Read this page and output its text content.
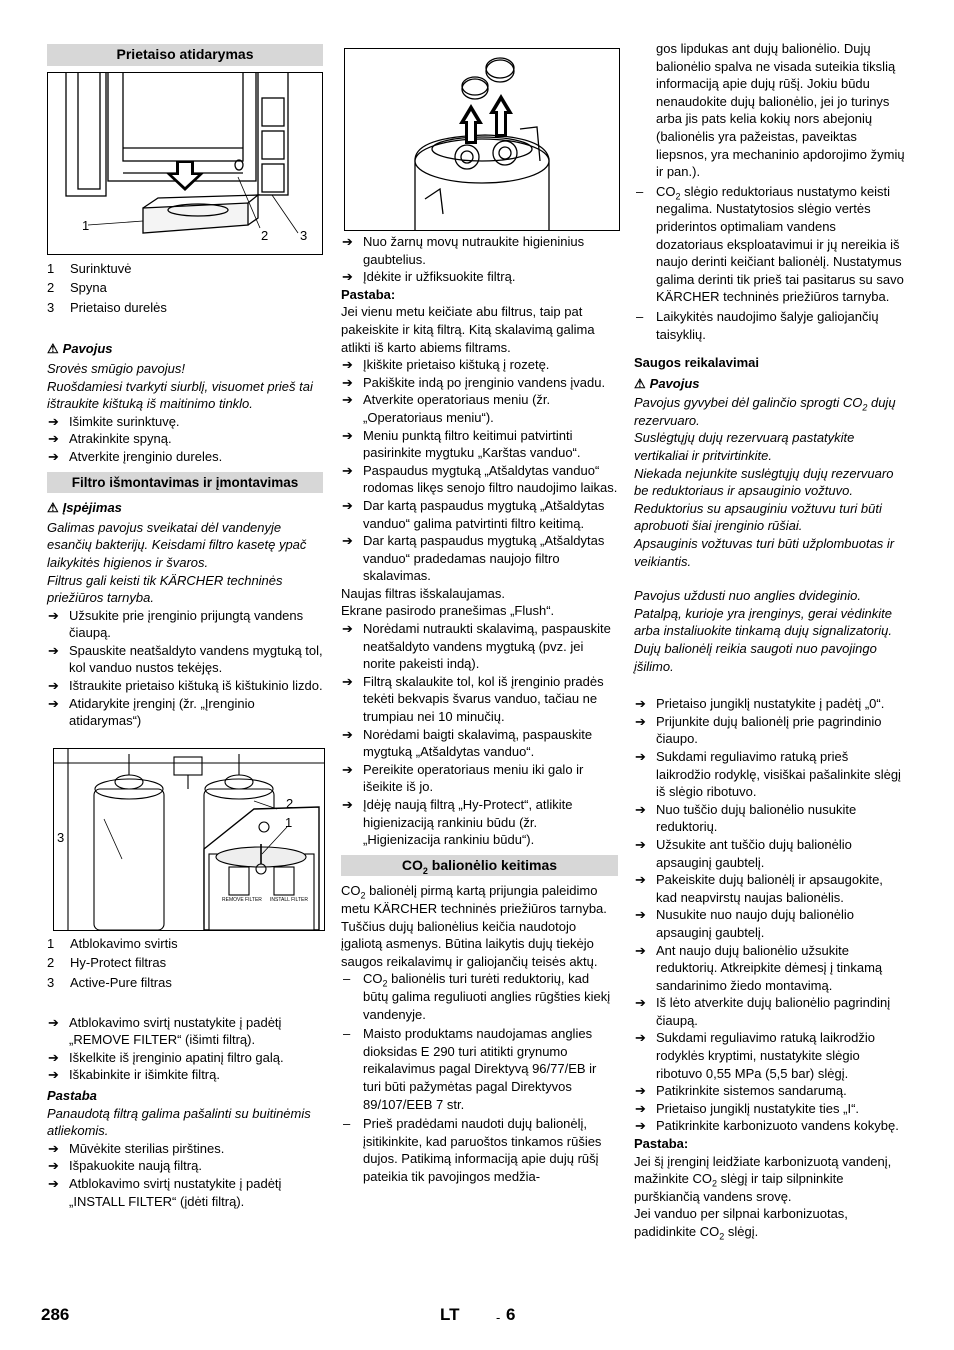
Prietaiso atidarymas
1
2 3
1 Surinktuvė
2 Spyna
3 Prietaiso durelės

⚠ Pavojus

Srovės smūgio pavojus!

Ruošdamiesi tvarkyti siurblį, visuomet prieš tai ištraukite kištuką iš maitinimo tinklo.

➔ Išimkite surinktuvę.

➔ Atrakinkite spyną.

➔ Atverkite įrenginio dureles.

Filtro išmontavimas ir įmontavimas

⚠ Įspėjimas

Galimas pavojus sveikatai dėl vandenyje esančių bakterijų. Keisdami filtro kasetę ypač laikykitės higienos ir švaros.

Filtrus gali keisti tik KÄRCHER techninės priežiūros tarnyba.

➔ Užsukite prie įrenginio prijungtą vandens čiaupą.

➔ Spauskite neatšaldyto vandens mygtuką tol, kol vanduo nustos tekėjęs.

➔ Ištraukite prietaiso kištuką iš kištukinio lizdo.

➔ Atidarykite įrenginį (žr. „Įrenginio atidarymas“)

3
2
1
REMOVE FILTER INSTALL FILTER
1 Atblokavimo svirtis
2 Hy-Protect filtras
3 Active-Pure filtras

➔ Atblokavimo svirtį nustatykite į padėtį „REMOVE FILTER“ (išimti filtrą).

➔ Iškelkite iš įrenginio apatinį filtro galą.

➔ Iškabinkite ir išimkite filtrą.

Pastaba

Panaudotą filtrą galima pašalinti su buitinėmis atliekomis.

➔ Mūvėkite sterilias pirštines.

➔ Išpakuokite naują filtrą.

➔ Atblokavimo svirtį nustatykite į padėtį „INSTALL FILTER“ (įdėti filtrą).

➔ Nuo žarnų movų nutraukite higieninius gaubtelius.

➔ Įdėkite ir užfiksuokite filtrą.

Pastaba:

Jei vienu metu keičiate abu filtrus, taip pat pakeiskite ir kitą filtrą. Kitą skalavimą galima atlikti iš karto abiems filtrams.

➔ Įkiškite prietaiso kištuką į rozetę.

➔ Pakiškite indą po įrenginio vandens įvadu.

➔ Atverkite operatoriaus meniu (žr. „Operatoriaus meniu“).

➔ Meniu punktą filtro keitimui patvirtinti pasirinkite mygtuku „Karštas vanduo“.

➔ Paspaudus mygtuką „Atšaldytas vanduo“ rodomas likęs senojo filtro naudojimo laikas.

➔ Dar kartą paspaudus mygtuką „Atšaldytas vanduo“ galima patvirtinti filtro keitimą.

➔ Dar kartą paspaudus mygtuką „Atšaldytas vanduo“ pradedamas naujojo filtro skalavimas.

Naujas filtras išskalaujamas.

Ekrane pasirodo pranešimas „Flush“.

➔ Norėdami nutraukti skalavimą, paspauskite neatšaldyto vandens mygtuką (pvz. jei norite pakeisti indą).

➔ Filtrą skalaukite tol, kol iš įrenginio pradės tekėti bekvapis švarus vanduo, tačiau ne trumpiau nei 10 minučių.

➔ Norėdami baigti skalavimą, paspauskite mygtuką „Atšaldytas vanduo“.

➔ Pereikite operatoriaus meniu iki galo ir išeikite iš jo.

➔ Įdėję naują filtrą „Hy-Protect“, atlikite higienizaciją rankiniu būdu (žr. „Higienizacija rankiniu būdu“).

$CO_2$ balionėlio keitimas

$CO_2$ balionėlį pirmą kartą prijungia paleidimo metu KÄRCHER techninės priežiūros tarnyba. Tuščius dujų balionėlius keičia naudotojo įgaliotą asmenys. Būtina laikytis dujų tiekėjo saugos reikalavimų ir galiojančių teisės aktų.

– $CO_2$ balionėlis turi turėti reduktorių, kad būtų galima reguliuoti anglies rūgšties kiekį vandenyje.

– Maisto produktams naudojamas anglies dioksidas E 290 turi atitikti grynumo reikalavimus pagal Direktyvą 96/77/EB ir turi būti pažymėtas pagal Direktyvos 89/107/EEB 7 str.

– Prieš pradėdami naudoti dujų balionėlį, įsitikinkite, kad paruoštos tinkamos rūšies dujos. Patikimą informaciją apie dujų rūšį pateikia tik pavojingos medžia-

gos lipdukas ant dujų balionėlio. Dujų balionėlio spalva ne visada suteikia tikslią informaciją apie dujų rūšį. Jokiu būdu nenaudokite dujų balionėlio, jei jo turinys arba jis pats kelia kokių nors abejonių (balionėlis yra pažeistas, paveiktas liepsnos, yra mechaninio apdorojimo žymių ir pan.).

– $CO_2$ slėgio reduktoriaus nustatymo keisti negalima. Nustatytosios slėgio vertės priderintos optimaliam vandens dozatoriaus eksploatavimui ir jų nereikia iš naujo derinti keičiant balionėlį. Nustatymus galima derinti tik prieš tai pasitarus su savo KÄRCHER techninės priežiūros tarnyba.

– Laikykitės naudojimo šalyje galiojančių taisyklių.

Saugos reikalavimai

⚠ Pavojus

Pavojus gyvybei dėl galinčio sprogti $CO_2$ dujų rezervuaro.

Suslėgtųjų dujų rezervuarą pastatykite vertikaliai ir pritvirtinkite.

Niekada nejunkite suslėgtųjų dujų rezervuaro be reduktoriaus ir apsauginio vožtuvo.

Reduktorius su apsauginiu vožtuvu turi būti aprobuoti šiai įrenginio rūšiai.

Apsauginis vožtuvas turi būti užplombuotas ir veikiantis.

Pavojus uždusti nuo anglies dvideginio.

Patalpą, kurioje yra įrenginys, gerai vėdinkite arba instaliuokite tinkamą dujų signalizatorių.

Dujų balionėlį reikia saugoti nuo pavojingo įšilimo.

➔ Prietaiso jungiklį nustatykite į padėtį „0“.

➔ Prijunkite dujų balionėlį prie pagrindinio čiaupo.

➔ Sukdami reguliavimo ratuką prieš laikrodžio rodyklę, visiškai pašalinkite slėgį iš slėgio ribotuvo.

➔ Nuo tuščio dujų balionėlio nusukite reduktorių.

➔ Užsukite ant tuščio dujų balionėlio apsauginį gaubtelį.

➔ Pakeiskite dujų balionėlį ir apsaugokite, kad neapvirstų naujas balionėlis.

➔ Nusukite nuo naujo dujų balionėlio apsauginį gaubtelį.

➔ Ant naujo dujų balionėlio užsukite reduktorių. Atkreipkite dėmesį į tinkamą sandarinimo žiedo montavimą.

➔ Iš lėto atverkite dujų balionėlio pagrindinį čiaupą.

➔ Sukdami reguliavimo ratuką laikrodžio rodyklės kryptimi, nustatykite slėgio ribotuvo 0,55 MPa (5,5 bar) slėgį.

➔ Patikrinkite sistemos sandarumą.

➔ Prietaiso jungiklį nustatykite ties „I“.

➔ Patikrinkite karbonizuoto vandens kokybę.

Pastaba:

Jei šį įrenginį leidžiate karbonizuotą vandenį, mažinkite $CO_2$ slėgį ir taip silpninkite purškiančią vandens srovę.

Jei vanduo per silpnai karbonizuotas, padidinkite $CO_2$ slėgį.

286	LT	- 6
